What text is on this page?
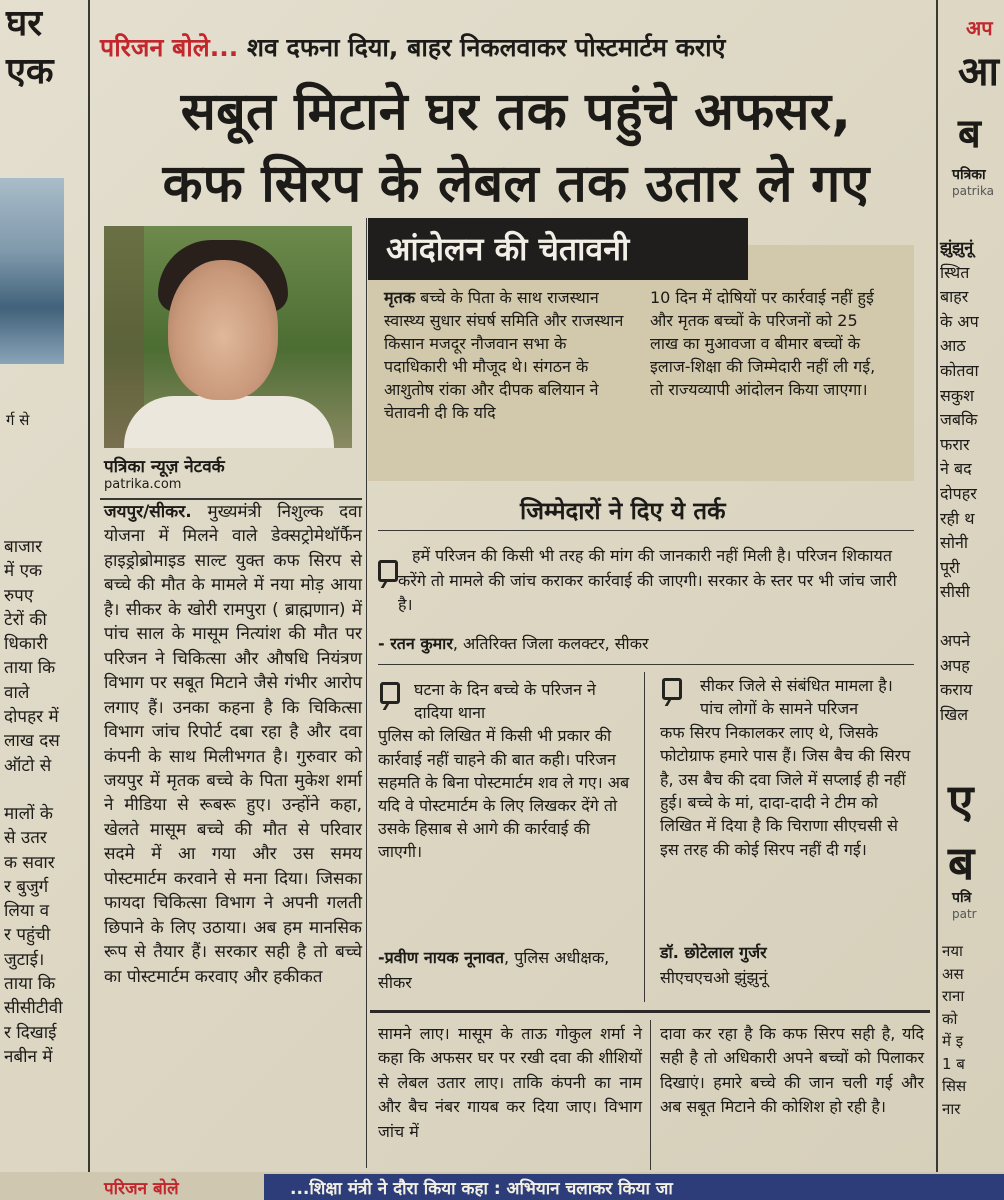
घर
एक
र्ग से
बाजार
में एक
रुपए
टेरों की
धिकारी
ताया कि
वाले
दोपहर में
लाख दस
ऑटो से
मालों के
से उतर
क सवार
र बुजुर्ग
लिया व
र पहुंची
जुटाई।
ताया कि
सीसीटीवी
र दिखाई
नबीन में
अप
आ
ब
पत्रिका
patrika
झुंझुनूं
स्थित
बाहर
के अप
आठ
कोतवा
सकुश
जबकि
फरार
ने बद
दोपहर
रही थ
सोनी
पूरी
सीसी
अपने
अपह
कराय
खिल
ए
ब
पत्रि
patr
नया
अस
राना
को
में इ
1 ब
सिस
नार
परिजन बोले... शव दफना दिया, बाहर निकलवाकर पोस्टमार्टम कराएं
सबूत मिटाने घर तक पहुंचे अफसर,
कफ सिरप के लेबल तक उतार ले गए
पत्रिका न्यूज़ नेटवर्क
patrika.com
जयपुर/सीकर. मुख्यमंत्री निशुल्क दवा योजना में मिलने वाले डेक्सट्रोमेथॉर्फैन हाइड्रोब्रोमाइड साल्ट युक्त कफ सिरप से बच्चे की मौत के मामले में नया मोड़ आया है। सीकर के खोरी रामपुरा ( ब्राह्मणान) में पांच साल के मासूम नित्यांश की मौत पर परिजन ने चिकित्सा और औषधि नियंत्रण विभाग पर सबूत मिटाने जैसे गंभीर आरोप लगाए हैं। उनका कहना है कि चिकित्सा विभाग जांच रिपोर्ट दबा रहा है और दवा कंपनी के साथ मिलीभगत है। गुरुवार को जयपुर में मृतक बच्चे के पिता मुकेश शर्मा ने मीडिया से रूबरू हुए। उन्होंने कहा, खेलते मासूम बच्चे की मौत से परिवार सदमे में आ गया और उस समय पोस्टमार्टम करवाने से मना दिया। जिसका फायदा चिकित्सा विभाग ने अपनी गलती छिपाने के लिए उठाया। अब हम मानसिक रूप से तैयार हैं। सरकार सही है तो बच्चे का पोस्टमार्टम करवाए और हकीकत
आंदोलन की चेतावनी
मृतक बच्चे के पिता के साथ राजस्थान स्वास्थ्य सुधार संघर्ष समिति और राजस्थान किसान मजदूर नौजवान सभा के पदाधिकारी भी मौजूद थे। संगठन के आशुतोष रांका और दीपक बलियान ने चेतावनी दी कि यदि
10 दिन में दोषियों पर कार्रवाई नहीं हुई और मृतक बच्चों के परिजनों को 25 लाख का मुआवजा व बीमार बच्चों के इलाज-शिक्षा की जिम्मेदारी नहीं ली गई, तो राज्यव्यापी आंदोलन किया जाएगा।
जिम्मेदारों ने दिए ये तर्क
हमें परिजन की किसी भी तरह की मांग की जानकारी नहीं मिली है। परिजन शिकायत करेंगे तो मामले की जांच कराकर कार्रवाई की जाएगी। सरकार के स्तर पर भी जांच जारी है।
- रतन कुमार, अतिरिक्त जिला कलक्टर, सीकर
घटना के दिन बच्चे के परिजन ने दादिया थाना
पुलिस को लिखित में किसी भी प्रकार की कार्रवाई नहीं चाहने की बात कही। परिजन सहमति के बिना पोस्टमार्टम शव ले गए। अब यदि वे पोस्टमार्टम के लिए लिखकर देंगे तो उसके हिसाब से आगे की कार्रवाई की जाएगी।
-प्रवीण नायक नूनावत, पुलिस अधीक्षक, सीकर
सीकर जिले से संबंधित मामला है। पांच लोगों के सामने परिजन
कफ सिरप निकालकर लाए थे, जिसके फोटोग्राफ हमारे पास हैं। जिस बैच की सिरप है, उस बैच की दवा जिले में सप्लाई ही नहीं हुई। बच्चे के मां, दादा-दादी ने टीम को लिखित में दिया है कि चिराणा सीएचसी से इस तरह की कोई सिरप नहीं दी गई।
डॉ. छोटेलाल गुर्जर
सीएचएचओ झुंझुनूं
सामने लाए। मासूम के ताऊ गोकुल शर्मा ने कहा कि अफसर घर पर रखी दवा की शीशियों से लेबल उतार लाए। ताकि कंपनी का नाम और बैच नंबर गायब कर दिया जाए। विभाग जांच में
दावा कर रहा है कि कफ सिरप सही है, यदि सही है तो अधिकारी अपने बच्चों को पिलाकर दिखाएं। हमारे बच्चे की जान चली गई और अब सबूत मिटाने की कोशिश हो रही है।
परिजन बोले	...शिक्षा मंत्री ने दौरा किया कहा : अभियान चलाकर किया जा
